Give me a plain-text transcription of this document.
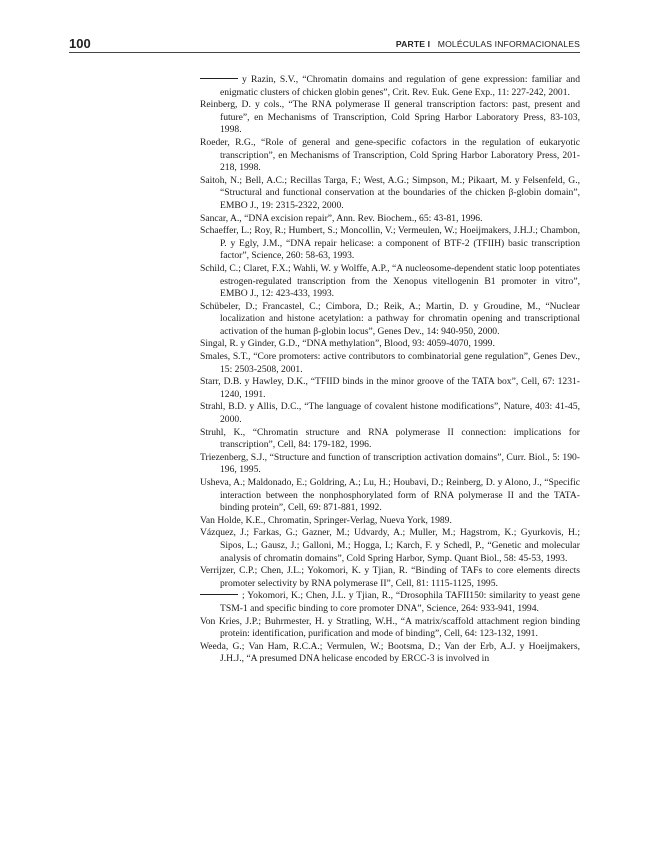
100	PARTE I MOLÉCULAS INFORMACIONALES
y Razin, S.V., “Chromatin domains and regulation of gene expression: familiar and enigmatic clusters of chicken globin genes”, Crit. Rev. Euk. Gene Exp., 11: 227-242, 2001.
Reinberg, D. y cols., “The RNA polymerase II general transcription factors: past, present and future”, en Mechanisms of Transcription, Cold Spring Harbor Laboratory Press, 83-103, 1998.
Roeder, R.G., “Role of general and gene-specific cofactors in the regulation of eukaryotic transcription”, en Mechanisms of Transcription, Cold Spring Harbor Laboratory Press, 201-218, 1998.
Saitoh, N.; Bell, A.C.; Recillas Targa, F.; West, A.G.; Simpson, M.; Pikaart, M. y Felsenfeld, G., “Structural and functional conservation at the boundaries of the chicken β-globin domain”, EMBO J., 19: 2315-2322, 2000.
Sancar, A., “DNA excision repair”, Ann. Rev. Biochem., 65: 43-81, 1996.
Schaeffer, L.; Roy, R.; Humbert, S.; Moncollin, V.; Vermeulen, W.; Hoeijmakers, J.H.J.; Chambon, P. y Egly, J.M., “DNA repair helicase: a component of BTF-2 (TFIIH) basic transcription factor”, Science, 260: 58-63, 1993.
Schild, C.; Claret, F.X.; Wahli, W. y Wolffe, A.P., “A nucleosome-dependent static loop potentiates estrogen-regulated transcription from the Xenopus vitellogenin B1 promoter in vitro”, EMBO J., 12: 423-433, 1993.
Schübeler, D.; Francastel, C.; Cimbora, D.; Reik, A.; Martin, D. y Groudine, M., “Nuclear localization and histone acetylation: a pathway for chromatin opening and transcriptional activation of the human β-globin locus”, Genes Dev., 14: 940-950, 2000.
Singal, R. y Ginder, G.D., “DNA methylation”, Blood, 93: 4059-4070, 1999.
Smales, S.T., “Core promoters: active contributors to combinatorial gene regulation”, Genes Dev., 15: 2503-2508, 2001.
Starr, D.B. y Hawley, D.K., “TFIID binds in the minor groove of the TATA box”, Cell, 67: 1231-1240, 1991.
Strahl, B.D. y Allis, D.C., “The language of covalent histone modifications”, Nature, 403: 41-45, 2000.
Struhl, K., “Chromatin structure and RNA polymerase II connection: implications for transcription”, Cell, 84: 179-182, 1996.
Triezenberg, S.J., “Structure and function of transcription activation domains”, Curr. Biol., 5: 190-196, 1995.
Usheva, A.; Maldonado, E.; Goldring, A.; Lu, H.; Houbavi, D.; Reinberg, D. y Alono, J., “Specific interaction between the nonphosphorylated form of RNA polymerase II and the TATA-binding protein”, Cell, 69: 871-881, 1992.
Van Holde, K.E., Chromatin, Springer-Verlag, Nueva York, 1989.
Vázquez, J.; Farkas, G.; Gazner, M.; Udvardy, A.; Muller, M.; Hagstrom, K.; Gyurkovis, H.; Sipos, L.; Gausz, J.; Galloni, M.; Hogga, I.; Karch, F. y Schedl, P., “Genetic and molecular analysis of chromatin domains”, Cold Spring Harbor, Symp. Quant Biol., 58: 45-53, 1993.
Verrijzer, C.P.; Chen, J.L.; Yokomori, K. y Tjian, R. “Binding of TAFs to core elements directs promoter selectivity by RNA polymerase II”, Cell, 81: 1115-1125, 1995.
; Yokomori, K.; Chen, J.L. y Tjian, R., “Drosophila TAFII150: similarity to yeast gene TSM-1 and specific binding to core promoter DNA”, Science, 264: 933-941, 1994.
Von Kries, J.P.; Buhrmester, H. y Stratling, W.H., “A matrix/scaffold attachment region binding protein: identification, purification and mode of binding”, Cell, 64: 123-132, 1991.
Weeda, G.; Van Ham, R.C.A.; Vermulen, W.; Bootsma, D.; Van der Erb, A.J. y Hoeijmakers, J.H.J., “A presumed DNA helicase encoded by ERCC-3 is involved in
